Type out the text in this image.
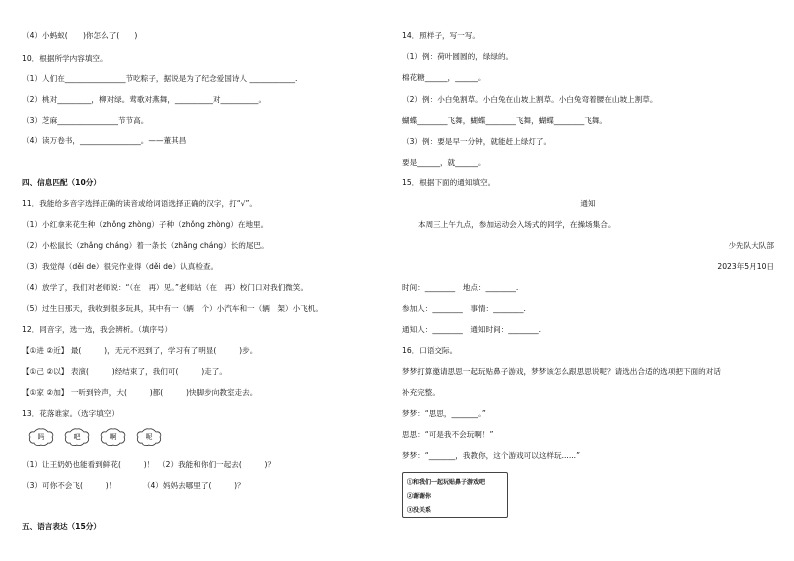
（4）小蚂蚁(　　)你怎么了(　　)
10．根据所学内容填空。
（1）人们在________________节吃粽子，据说是为了纪念爱国诗人 ____________.
（2）桃对_________，柳对绿。莺歌对燕舞，__________对__________。
（3）芝麻________________节节高。
（4）读万卷书，________________。——董其昌
四、信息匹配（10分）
11．我能给多音字选择正确的读音或给词语选择正确的汉字，打“√”。
（1）小红拿来花生种（zhǒng zhòng）子种（zhǒng zhòng）在地里。
（2）小松鼠长（zhǎng cháng）着一条长（zhǎng cháng）长的尾巴。
（3）我觉得（děi de）很完作业得（děi de）认真检查。
（4）放学了，我们对老师说：“（在　再）见。”老师站（在　再）校门口对我们微笑。
（5）过生日那天，我收到很多玩具，其中有一（辆　个）小汽车和一（辆　架）小飞机。
12．同音字，选一选，我会辨析。（填序号）
【①进 ②近】 最(　　　)，无元不迟到了，学习有了明显(　　　)步。
【①己 ②以】 表演(　　　)经结束了，我们可(　　　)走了。
【①家 ②加】 一听到铃声，大(　　　)都(　　　)快脚步向教室走去。
13．花落谁家。（选字填空）
吗	吧	啊	呢
（1）让王奶奶也能看到鲜花(　　　)！　（2）我能和你们一起去(　　　)？
（3）可你不会飞(　　　)！　　　　（4）妈妈去哪里了(　　　)？
五、语言表达（15分）
14．照样子，写一写。
（1）例：荷叶圆圆的，绿绿的。
棉花糖______，______。
（2）例：小白兔割草。小白兔在山坡上割草。小白兔弯着腰在山坡上割草。
蝴蝶________飞舞，蝴蝶________飞舞，蝴蝶________飞舞。
（3）例：要是早一分钟，就能赶上绿灯了。
要是______，就______。
15．根据下面的通知填空。
通知
本周三上午九点，参加运动会入场式的同学，在操场集合。
少先队大队部
2023年5月10日
时间：________　地点：________.
参加人：________　事情：________.
通知人：________　通知时间：________.
16．口语交际。
梦梦打算邀请思思一起玩贴鼻子游戏，梦梦该怎么跟思思说呢？请选出合适的选项把下面的对话
补充完整。
梦梦：“思思，_______。”
思思：“可是我不会玩啊！”
梦梦：“_______，我教你，这个游戏可以这样玩......”
①和我们一起玩贴鼻子游戏吧
②谢谢你
③没关系
